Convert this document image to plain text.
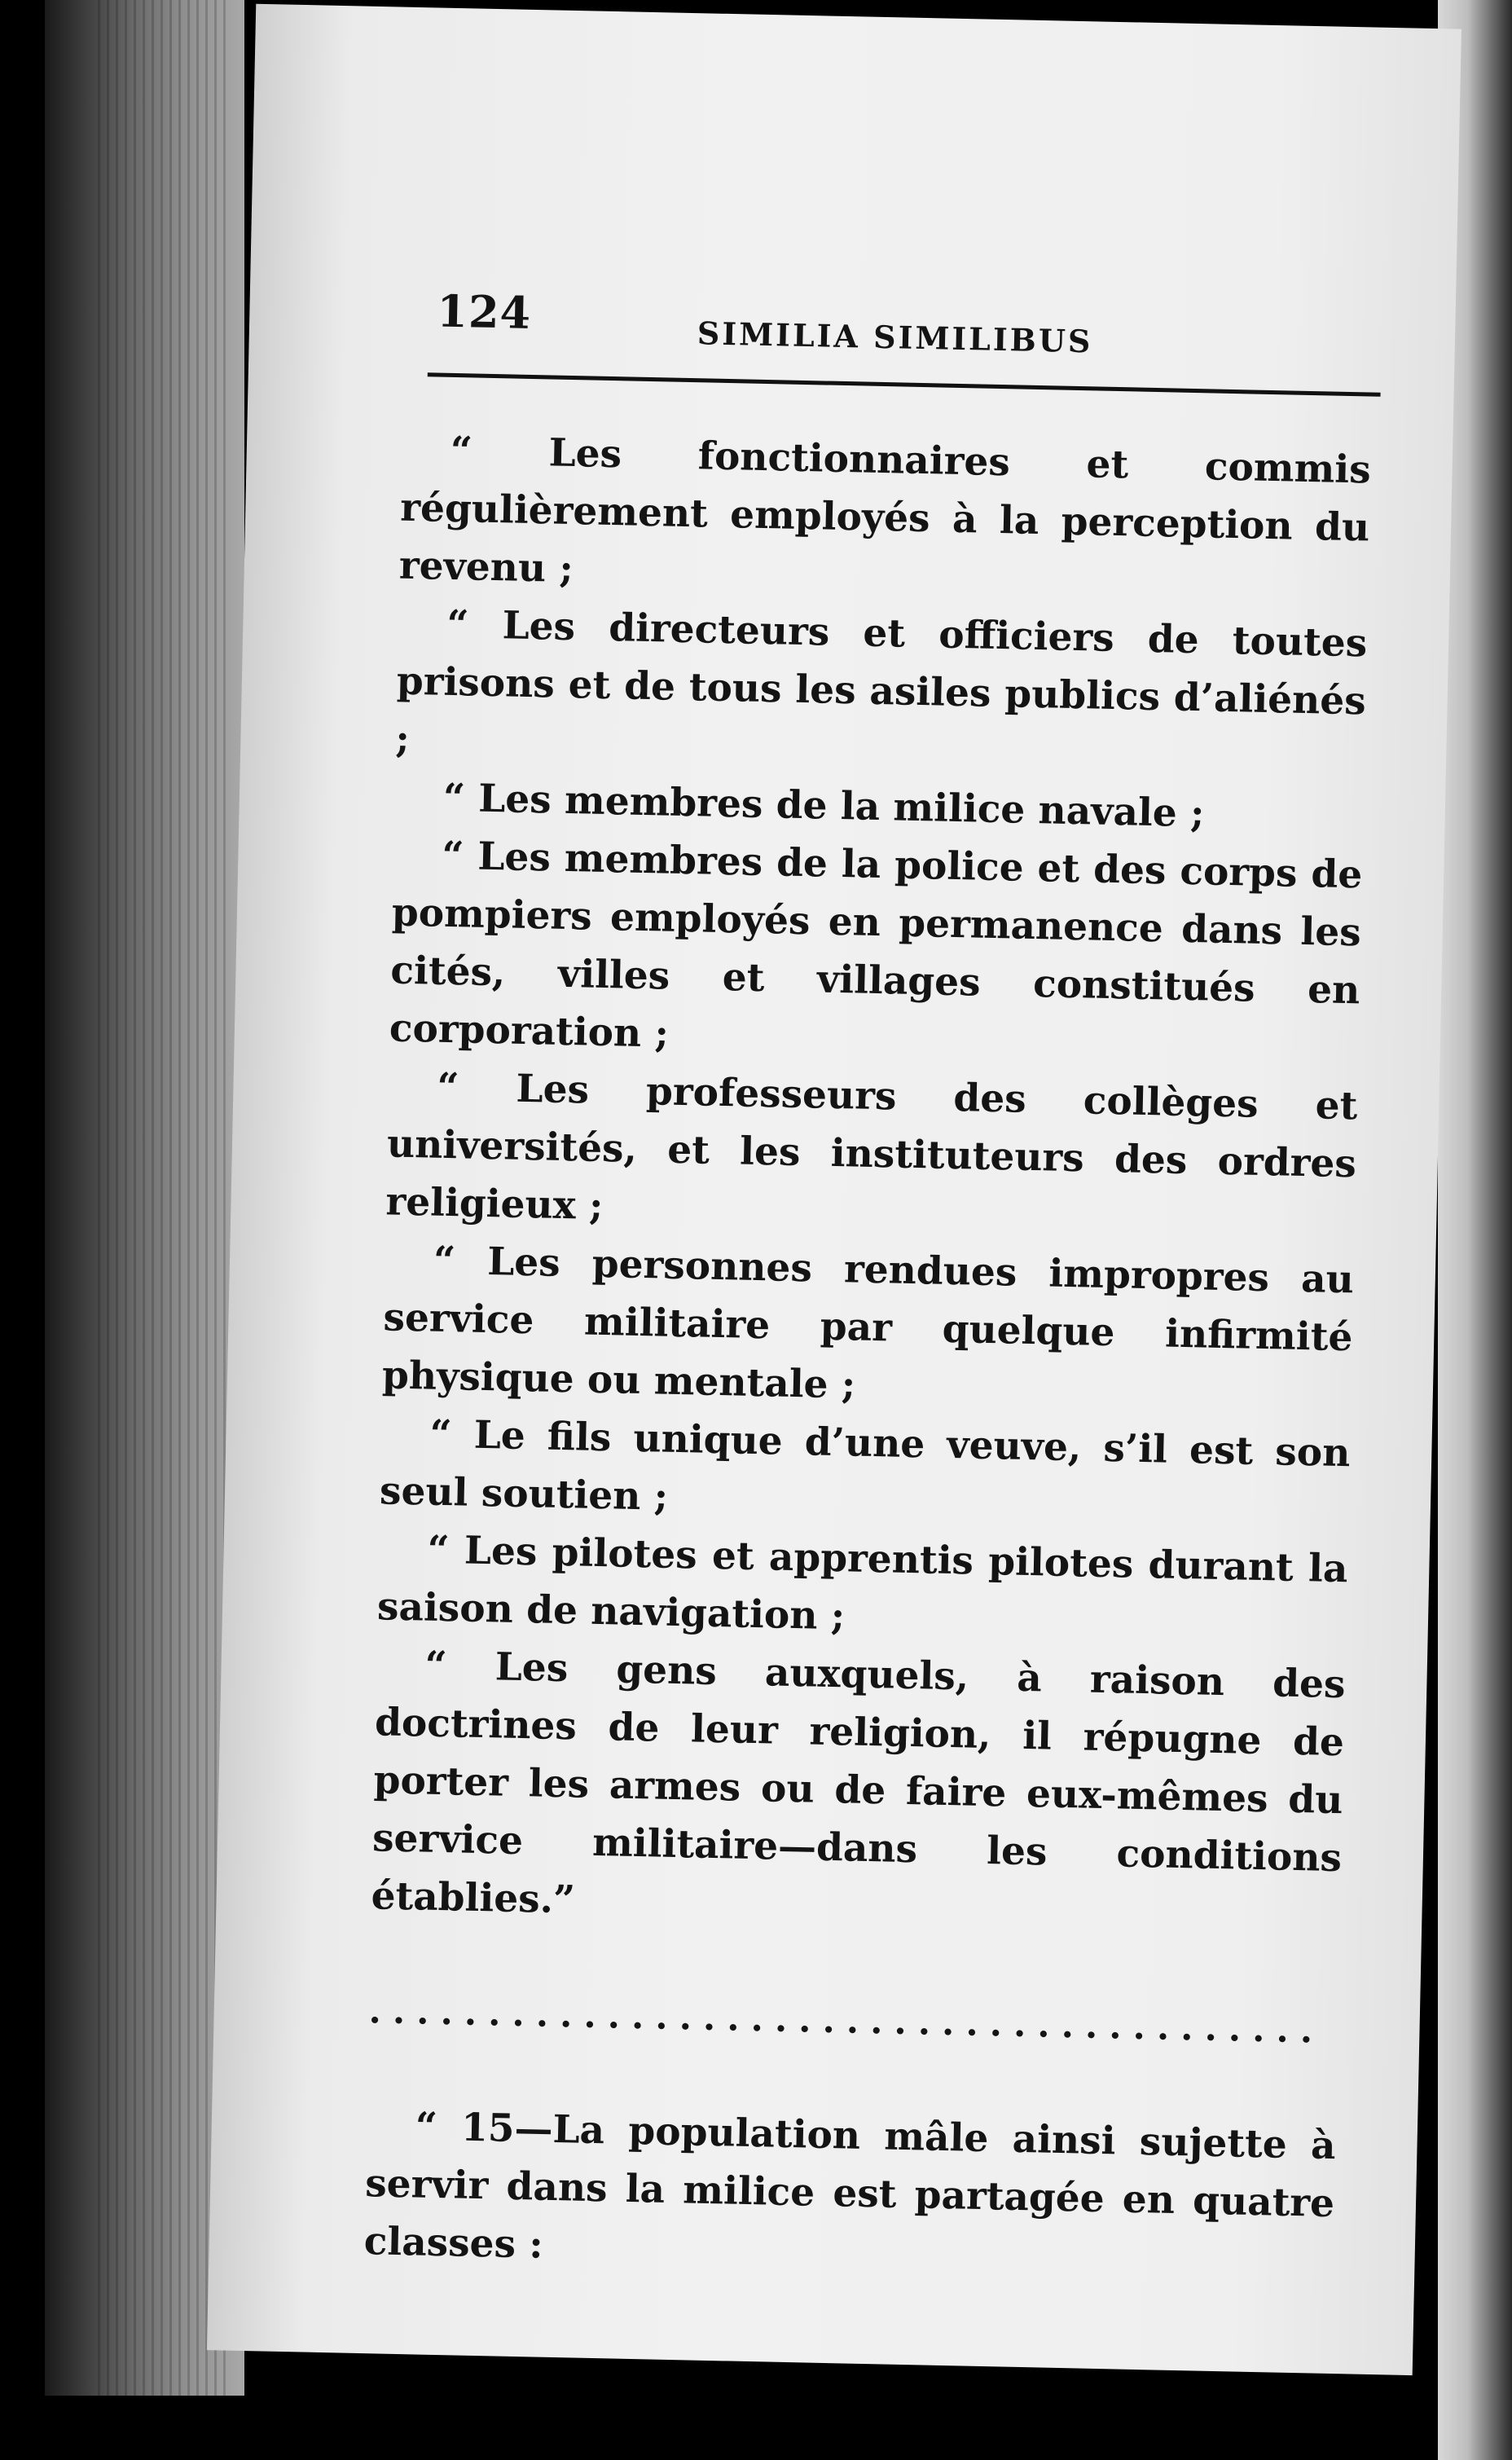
124	SIMILIA SIMILIBUS

“ Les fonctionnaires et commis régulièrement employés à la perception du revenu ;

“ Les directeurs et officiers de toutes prisons et de tous les asiles publics d’aliénés ;

“ Les membres de la milice navale ;

“ Les membres de la police et des corps de pompiers employés en permanence dans les cités, villes et villages constitués en corporation ;

“ Les professeurs des collèges et universités, et les instituteurs des ordres religieux ;

“ Les personnes rendues impropres au service militaire par quelque infirmité physique ou mentale ;

“ Le fils unique d’une veuve, s’il est son seul soutien ;

“ Les pilotes et apprentis pilotes durant la saison de navigation ;

“ Les gens auxquels, à raison des doctrines de leur religion, il répugne de porter les armes ou de faire eux-mêmes du service militaire—dans les conditions établies.”

........................................

“ 15—La population mâle ainsi sujette à servir dans la milice est partagée en quatre classes :
